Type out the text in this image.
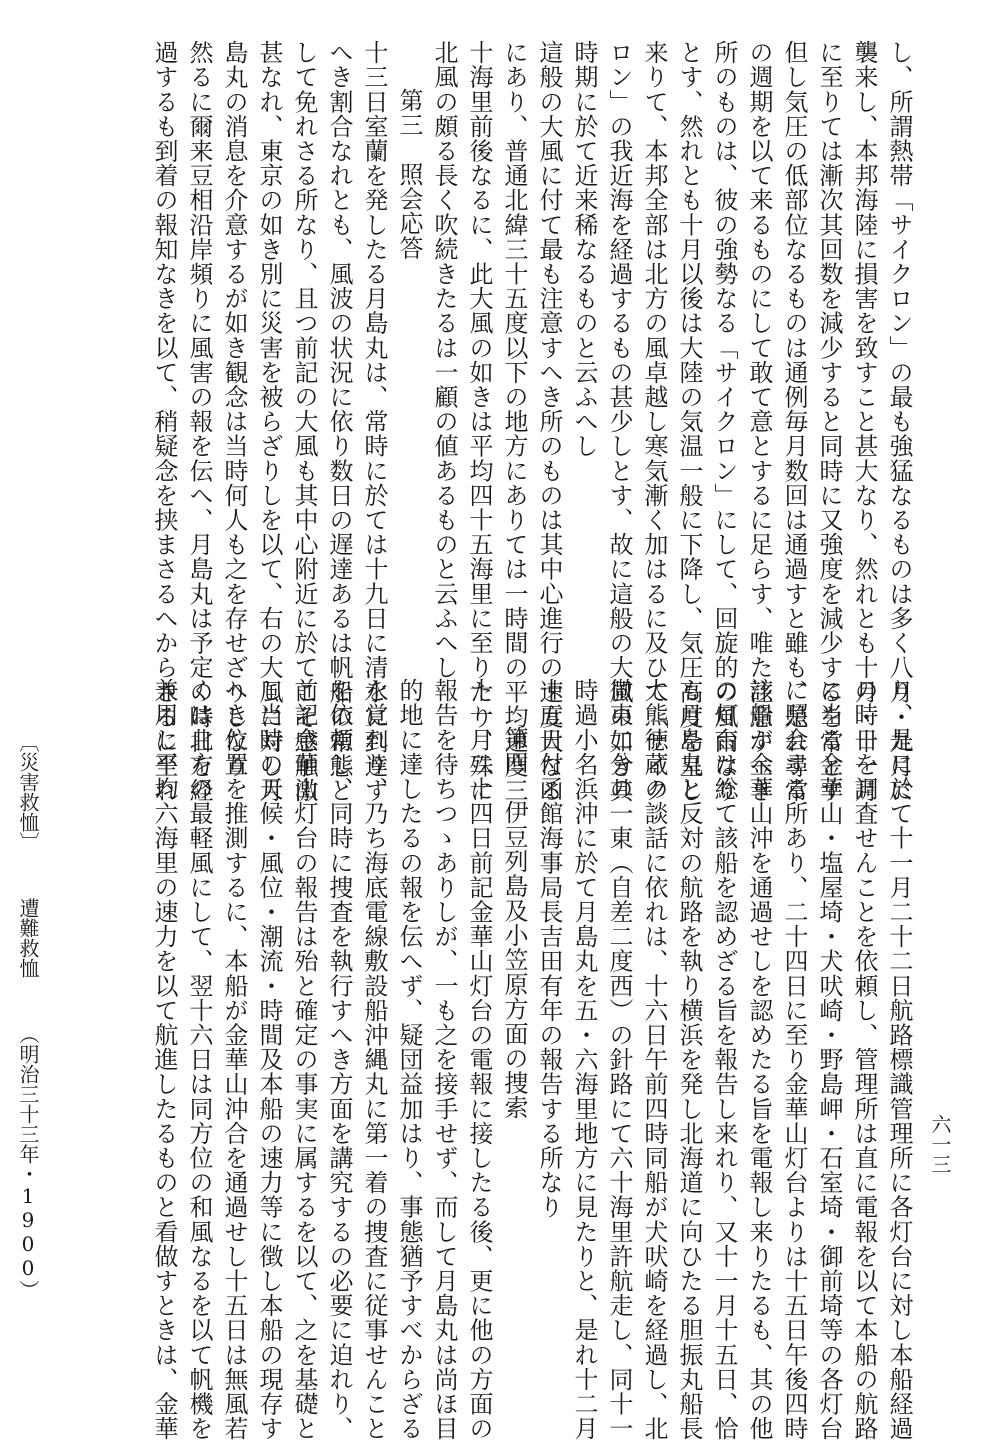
し、所謂熱帯「サイクロン」の最も強猛なるものは多く八月・九月に

襲来し、本邦海陸に損害を致すこと甚大なり、然れとも十月・十一月

に至りては漸次其回数を減少すると同時に又強度を減少するを常とす

但し気圧の低部位なるものは通例毎月数回は通過すと雖も、是れ尋常

の週期を以て来るものにして敢て意とするに足らす、唯た注意すへき

所のものは、彼の強勢なる「サイクロン」にして、回旋的の風雨なり

とす、然れとも十月以後は大陸の気温一般に下降し、気圧高度を呈し

来りて、本邦全部は北方の風卓越し寒気漸く加はるに及ひて「サイク

ロン」の我近海を経過するもの甚少しとす、故に這般の大風の如き其

時期に於て近来稀なるものと云ふへし

這般の大風に付て最も注意すへき所のものは其中心進行の速度大なる

にあり、普通北緯三十五度以下の地方にありては一時間の平均速度三

十海里前後なるに、此大風の如きは平均四十五海里に至りたり、殊に

北風の頗る長く吹続きたるは一顧の値あるものと云ふへし

第三　照会応答

十三日室蘭を発したる月島丸は、常時に於ては十九日に清水に到達す

へき割合なれとも、風波の状況に依り数日の遅達あるは帆船の常態と

して免れさる所なり、且つ前記の大風も其中心附近に於てこそ感触激

甚なれ、東京の如き別に災害を被らざりしを以て、右の大風に対し月

島丸の消息を介意するが如き観念は当時何人も之を存せざりしなり

然るに爾来豆相沿岸頻りに風害の報を伝へ、月島丸は予定の時日を経

過するも到着の報知なきを以て、稍疑念を挟まさるへからさるに至れ

り、是に於て十一月二十二日航路標識管理所に各灯台に対し本船経過

の時日を調査せんことを依頼し、管理所は直に電報を以て本船の航路

に当る金華山・塩屋埼・犬吠崎・野島岬・石室埼・御前埼等の各灯台

に照会する所あり、二十四日に至り金華山灯台よりは十五日午後四時

該船が金華山沖を通過せしを認めたる旨を電報し来りたるも、其の他

の灯台は総て該船を認めざる旨を報告し来れり、又十一月十五日、恰

も月島丸と反対の航路を執り横浜を発し北海道に向ひたる胆振丸船長

大熊徳蔵の談話に依れは、十六日午前四時同船が犬吠崎を経過し、北

微東二分の一東（自差二度西）の針路にて六十海里許航走し、同十一

時過小名浜沖に於て月島丸を五・六海里地方に見たりと、是れ十二月

十五日付函館海事局長吉田有年の報告する所なり

第四　伊豆列島及小笠原方面の捜索

十一月二十四日前記金華山灯台の電報に接したる後、更に他の方面の

報告を待ちつゝありしが、一も之を接手せず、而して月島丸は尚ほ目

的地に達したるの報を伝へず、疑団益加はり、事態猶予すべからざる

を覚れり、乃ち海底電線敷設船沖縄丸に第一着の捜査に従事せんこと

を依頼し、同時に捜査を執行すへき方面を講究するの必要に迫れり、

前記金華山灯台の報告は殆と確定の事実に属するを以て、之を基礎と

し当時の天候・風位・潮流・時間及本船の速力等に徴し本船の現存す

へき位置を推測するに、本船が金華山沖合を通過せし十五日は無風若

くは北方の最軽風にして、翌十六日は同方位の和風なるを以て帆機を

兼用し平均六海里の速力を以て航進したるものと看做すときは、金華

〔災害救恤〕 遭難救恤 （明治三十三年・1900）	六一三
